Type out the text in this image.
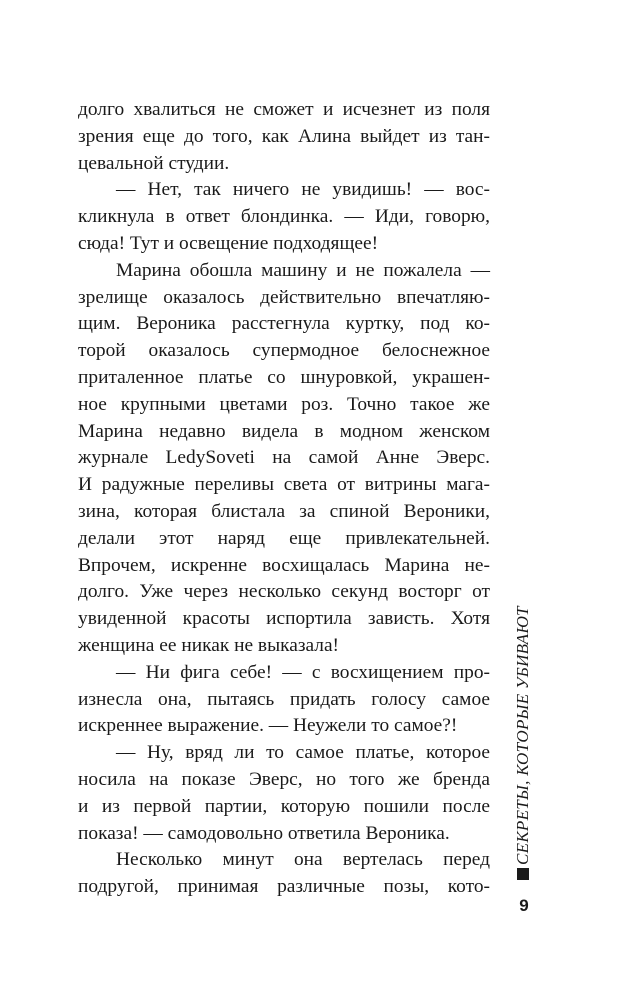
долго хвалиться не сможет и исчезнет из поля
зрения еще до того, как Алина выйдет из тан-
цевальной студии.
— Нет, так ничего не увидишь! — вос-
кликнула в ответ блондинка. — Иди, говорю,
сюда! Тут и освещение подходящее!
Марина обошла машину и не пожалела —
зрелище оказалось действительно впечатляю-
щим. Вероника расстегнула куртку, под ко-
торой оказалось супермодное белоснежное
приталенное платье со шнуровкой, украшен-
ное крупными цветами роз. Точно такое же
Марина недавно видела в модном женском
журнале LedySoveti на самой Анне Эверс.
И радужные переливы света от витрины мага-
зина, которая блистала за спиной Вероники,
делали этот наряд еще привлекательней.
Впрочем, искренне восхищалась Марина не-
долго. Уже через несколько секунд восторг от
увиденной красоты испортила зависть. Хотя
женщина ее никак не выказала!
— Ни фига себе! — с восхищением про-
изнесла она, пытаясь придать голосу самое
искреннее выражение. — Неужели то самое?!
— Ну, вряд ли то самое платье, которое
носила на показе Эверс, но того же бренда
и из первой партии, которую пошили после
показа! — самодовольно ответила Вероника.
Несколько минут она вертелась перед
подругой, принимая различные позы, кото-
СЕКРЕТЫ, КОТОРЫЕ УБИВАЮТ
9
